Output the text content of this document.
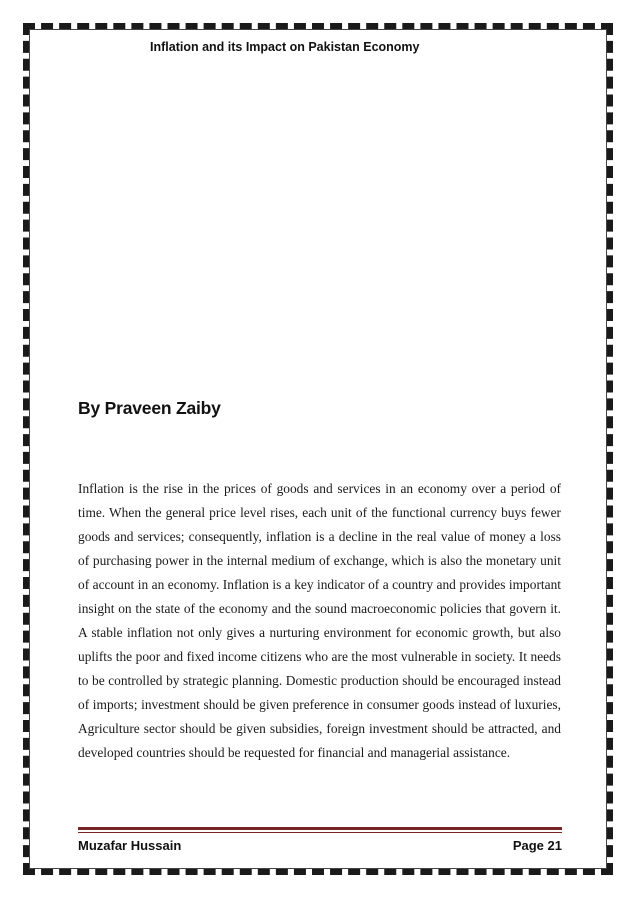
Inflation and its Impact on Pakistan Economy
By Praveen Zaiby

Inflation is the rise in the prices of goods and services in an economy over a period of time. When the general price level rises, each unit of the functional currency buys fewer goods and services; consequently, inflation is a decline in the real value of money a loss of purchasing power in the internal medium of exchange, which is also the monetary unit of account in an economy. Inflation is a key indicator of a country and provides important insight on the state of the economy and the sound macroeconomic policies that govern it. A stable inflation not only gives a nurturing environment for economic growth, but also uplifts the poor and fixed income citizens who are the most vulnerable in society. It needs to be controlled by strategic planning. Domestic production should be encouraged instead of imports; investment should be given preference in consumer goods instead of luxuries, Agriculture sector should be given subsidies, foreign investment should be attracted, and developed countries should be requested for financial and managerial assistance.

Muzafar Hussain	Page 21
